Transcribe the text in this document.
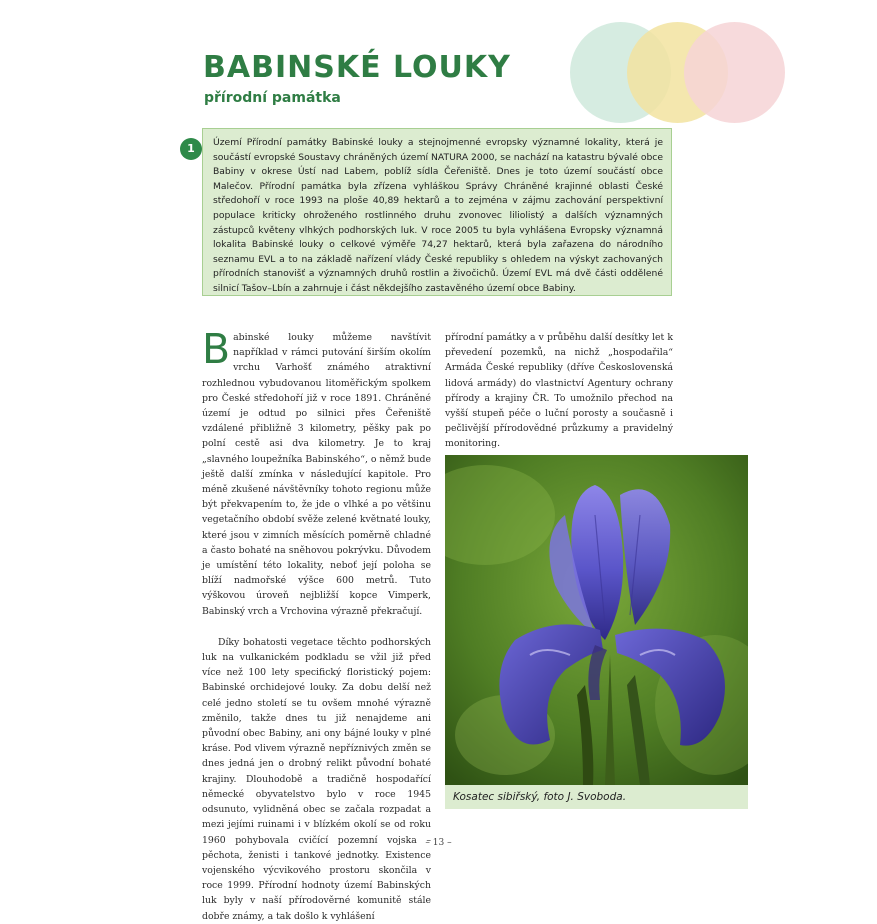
BABINSKÉ LOUKY
přírodní památka

Území Přírodní památky Babinské louky a stejnojmenné evropsky významné lokality, která je součástí evropské Soustavy chráněných území NATURA 2000, se nachází na katastru bývalé obce Babiny v okrese Ústí nad Labem, poblíž sídla Čeřeniště. Dnes je toto území součástí obce Malečov. Přírodní památka byla zřízena vyhláškou Správy Chráněné krajinné oblasti České středohoří v roce 1993 na ploše 40,89 hektarů a to zejména v zájmu zachování perspektivní populace kriticky ohroženého rostlinného druhu zvonovec liliolistý a dalších významných zástupců květeny vlhkých podhorských luk. V roce 2005 tu byla vyhlášena Evropsky významná lokalita Babinské louky o celkové výměře 74,27 hektarů, která byla zařazena do národního seznamu EVL a to na základě nařízení vlády České republiky s ohledem na výskyt zachovaných přírodních stanovišť a významných druhů rostlin a živočichů. Území EVL má dvě části oddělené silnicí Tašov–Lbín a zahrnuje i část někdejšího zastavěného území obce Babiny.

1

Babinské louky můžeme navštívit například v rámci putování širším okolím vrchu Varhošť známého atraktivní rozhlednou vybudovanou litoměřickým spolkem pro České středohoří již v roce 1891. Chráněné území je odtud po silnici přes Čeřeniště vzdálené přibližně 3 kilometry, pěšky pak po polní cestě asi dva kilometry. Je to kraj „slavného loupežníka Babinského“, o němž bude ještě další zmínka v následující kapitole. Pro méně zkušené návštěvníky tohoto regionu může být překvapením to, že jde o vlhké a po většinu vegetačního období svěže zelené květnaté louky, které jsou v zimních měsících poměrně chladné a často bohaté na sněhovou pokrývku. Důvodem je umístění této lokality, neboť její poloha se blíží nadmořské výšce 600 metrů. Tuto výškovou úroveň nejbližší kopce Vimperk, Babinský vrch a Vrchovina výrazně překračují.

Díky bohatosti vegetace těchto podhorských luk na vulkanickém podkladu se vžil již před více než 100 lety specifický floristický pojem: Babinské orchidejové louky. Za dobu delší než celé jedno století se tu ovšem mnohé výrazně změnilo, takže dnes tu již nenajdeme ani původní obec Babiny, ani ony bájné louky v plné kráse. Pod vlivem výrazně nepříznivých změn se dnes jedná jen o drobný relikt původní bohaté krajiny. Dlouhodobě a tradičně hospodařící německé obyvatelstvo bylo v roce 1945 odsunuto, vylidněná obec se začala rozpadat a mezi jejími ruinami i v blízkém okolí se od roku 1960 pohybovala cvičící pozemní vojska – pěchota, ženisti i tankové jednotky. Existence vojenského výcvikového prostoru skončila v roce 1999. Přírodní hodnoty území Babinských luk byly v naší přírodověrné komunitě stále dobře známy, a tak došlo k vyhlášení

přírodní památky a v průběhu další desítky let k převedení pozemků, na nichž „hospodařila“ Armáda České republiky (dříve Československá lidová armády) do vlastnictví Agentury ochrany přírody a krajiny ČR. To umožnilo přechod na vyšší stupeň péče o luční porosty a současně i pečlivější přírodovědné průzkumy a pravidelný monitoring.

Kosatec sibiřský, foto J. Svoboda.

– 13 –
